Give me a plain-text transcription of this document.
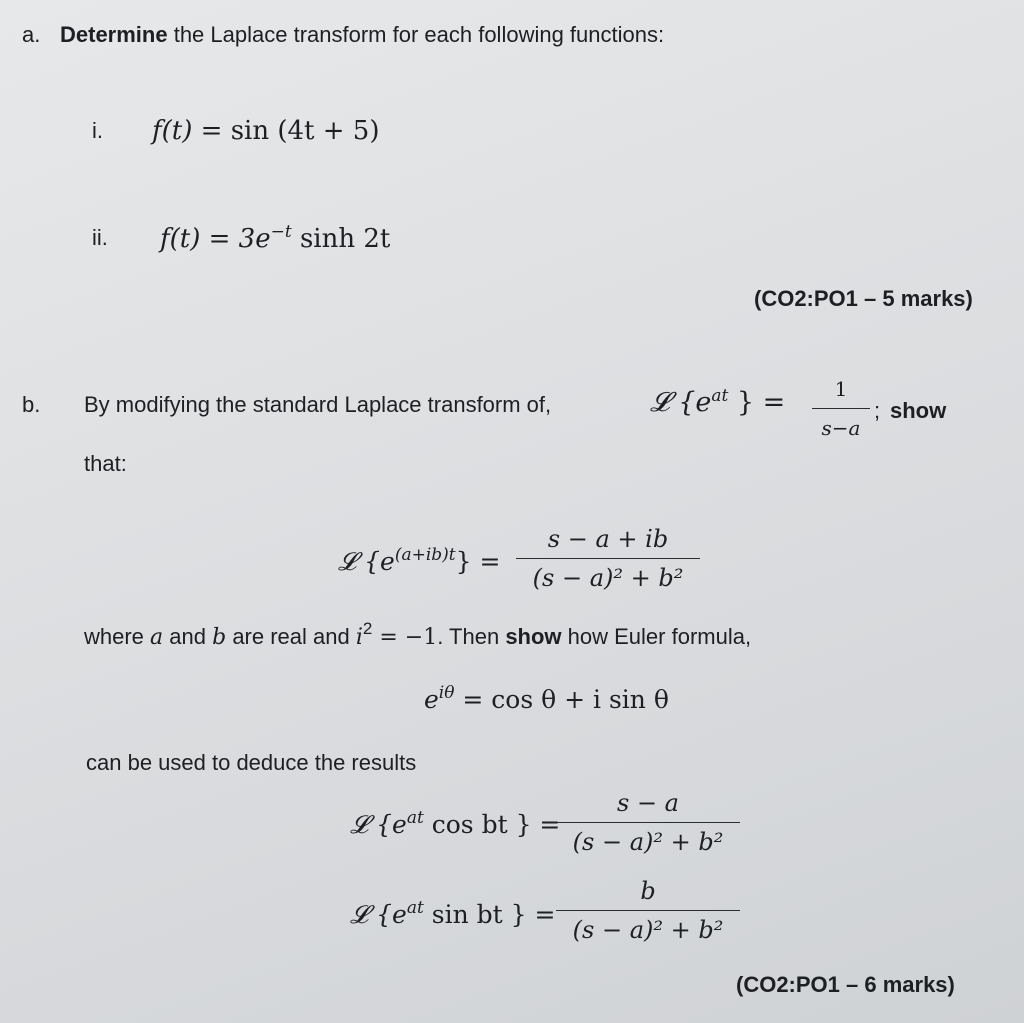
a. Determine the Laplace transform for each following functions:
i. f(t) = sin (4t + 5)
ii. $f(t) = 3e^{-t}$ sinh 2t
(CO2:PO1 – 5 marks)
b. By modifying the standard Laplace transform of,	𝓛 {$e^{at}$ } =	1
s−a
; show
that:
𝓛 $\{e^{(a+ib)t}\}$ =
s − a + ib
(s − a)² + b²
where a and b are real and $i^2 = -1$. Then show how Euler formula,
$e^{i\theta} = \cos \theta + i$ sin θ
can be used to deduce the results
𝓛 {$e^{at}$ cos bt } =
s − a
(s − a)² + b²
𝓛 {$e^{at}$ sin bt } =
b
(s − a)² + b²
(CO2:PO1 – 6 marks)
